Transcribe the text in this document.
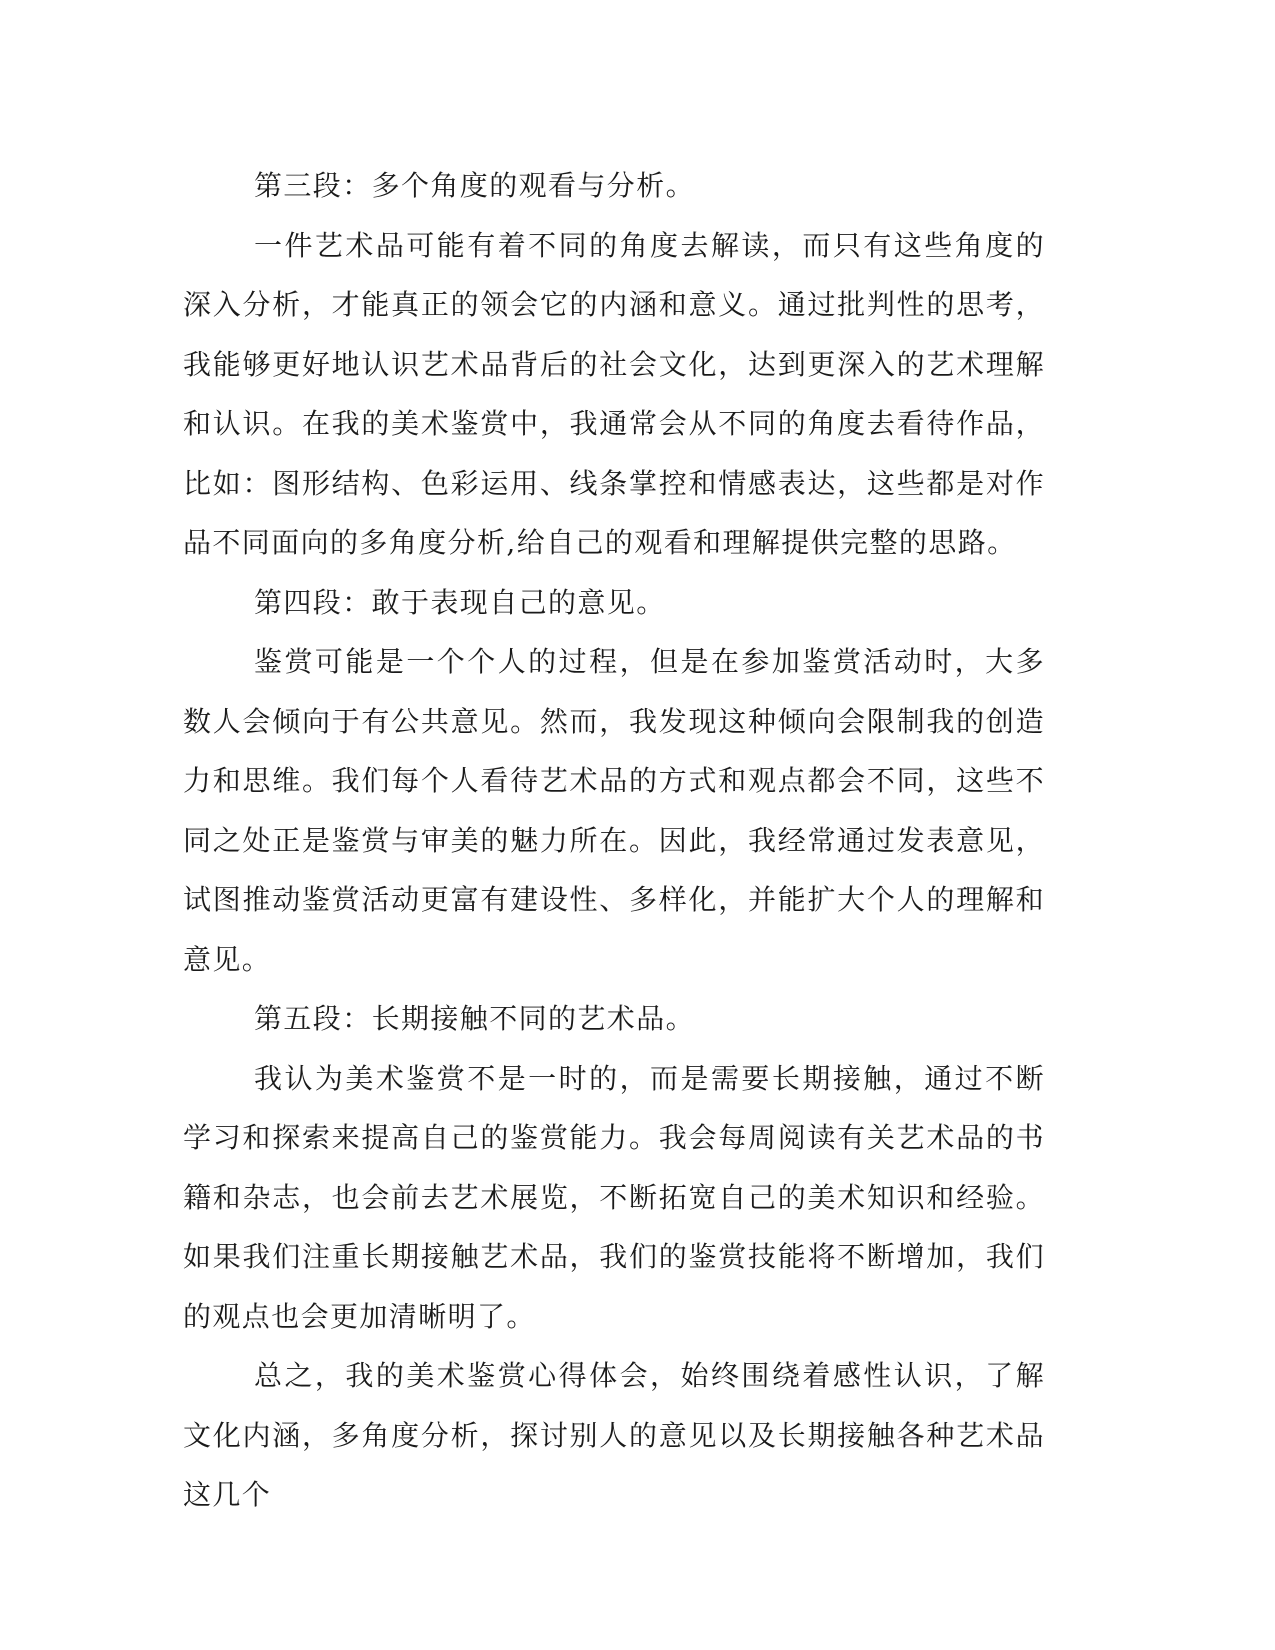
第三段：多个角度的观看与分析。

一件艺术品可能有着不同的角度去解读，而只有这些角度的深入分析，才能真正的领会它的内涵和意义。通过批判性的思考，我能够更好地认识艺术品背后的社会文化，达到更深入的艺术理解和认识。在我的美术鉴赏中，我通常会从不同的角度去看待作品，比如：图形结构、色彩运用、线条掌控和情感表达，这些都是对作品不同面向的多角度分析,给自己的观看和理解提供完整的思路。

第四段：敢于表现自己的意见。

鉴赏可能是一个个人的过程，但是在参加鉴赏活动时，大多数人会倾向于有公共意见。然而，我发现这种倾向会限制我的创造力和思维。我们每个人看待艺术品的方式和观点都会不同，这些不同之处正是鉴赏与审美的魅力所在。因此，我经常通过发表意见，试图推动鉴赏活动更富有建设性、多样化，并能扩大个人的理解和意见。

第五段：长期接触不同的艺术品。

我认为美术鉴赏不是一时的，而是需要长期接触，通过不断学习和探索来提高自己的鉴赏能力。我会每周阅读有关艺术品的书籍和杂志，也会前去艺术展览，不断拓宽自己的美术知识和经验。如果我们注重长期接触艺术品，我们的鉴赏技能将不断增加，我们的观点也会更加清晰明了。

总之，我的美术鉴赏心得体会，始终围绕着感性认识，了解文化内涵，多角度分析，探讨别人的意见以及长期接触各种艺术品这几个
